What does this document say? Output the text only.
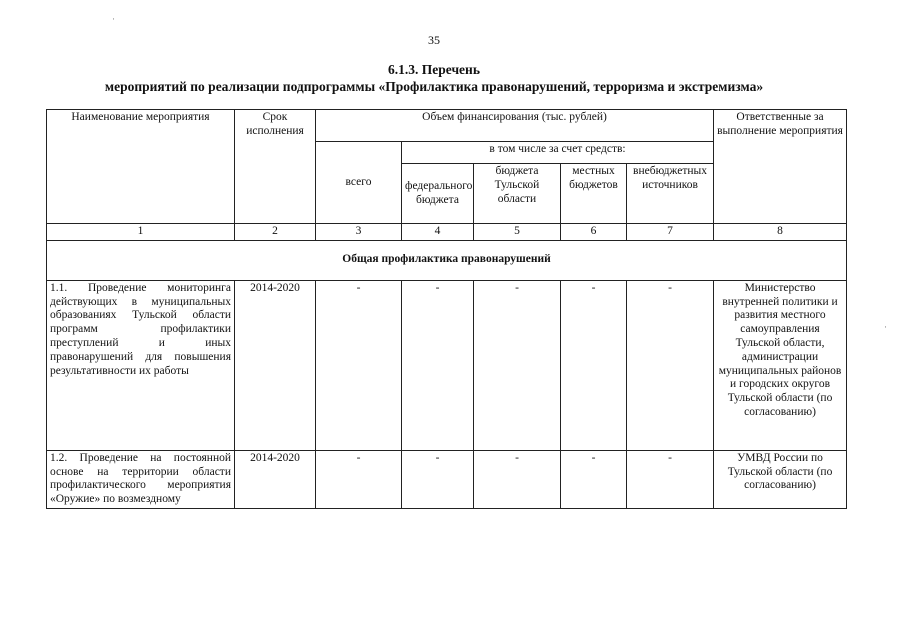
35
6.1.3. Перечень
мероприятий по реализации подпрограммы «Профилактика правонарушений, терроризма и экстремизма»
Наименование мероприятия	Срок исполнения	Объем финансирования (тыс. рублей)					Ответственные за выполнение мероприятия
		всего	в том числе за счет средств:				
			федерального бюджета	бюджета Тульской области	местных бюджетов	внебюджетных источников	
1	2	3	4	5	6	7	8
Общая профилактика правонарушений							
1.1. Проведение мониторинга действующих в муниципальных образованиях Тульской области программ профилактики преступлений и иных правонарушений для повышения результативности их работы	2014-2020	-	-	-	-	-	Министерство внутренней политики и развития местного самоуправления Тульской области, администрации муниципальных районов и городских округов Тульской области (по согласованию)
1.2. Проведение на постоянной основе на территории области профилактического мероприятия «Оружие» по возмездному	2014-2020	-	-	-	-	-	УМВД России по Тульской области (по согласованию)
·
·
